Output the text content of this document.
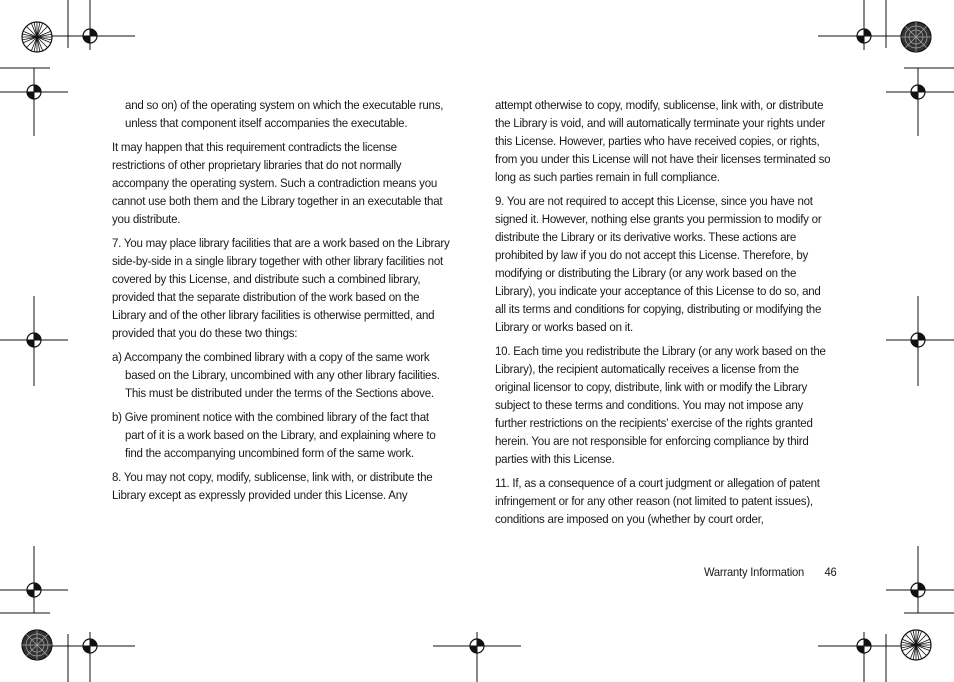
and so on) of the operating system on which the executable runs, unless that component itself accompanies the executable.

It may happen that this requirement contradicts the license restrictions of other proprietary libraries that do not normally accompany the operating system. Such a contradiction means you cannot use both them and the Library together in an executable that you distribute.

7. You may place library facilities that are a work based on the Library side-by-side in a single library together with other library facilities not covered by this License, and distribute such a combined library, provided that the separate distribution of the work based on the Library and of the other library facilities is otherwise permitted, and provided that you do these two things:

a) Accompany the combined library with a copy of the same work based on the Library, uncombined with any other library facilities. This must be distributed under the terms of the Sections above.

b) Give prominent notice with the combined library of the fact that part of it is a work based on the Library, and explaining where to find the accompanying uncombined form of the same work.

8. You may not copy, modify, sublicense, link with, or distribute the Library except as expressly provided under this License. Any

attempt otherwise to copy, modify, sublicense, link with, or distribute the Library is void, and will automatically terminate your rights under this License. However, parties who have received copies, or rights, from you under this License will not have their licenses terminated so long as such parties remain in full compliance.

9. You are not required to accept this License, since you have not signed it. However, nothing else grants you permission to modify or distribute the Library or its derivative works. These actions are prohibited by law if you do not accept this License. Therefore, by modifying or distributing the Library (or any work based on the Library), you indicate your acceptance of this License to do so, and all its terms and conditions for copying, distributing or modifying the Library or works based on it.

10. Each time you redistribute the Library (or any work based on the Library), the recipient automatically receives a license from the original licensor to copy, distribute, link with or modify the Library subject to these terms and conditions. You may not impose any further restrictions on the recipients’ exercise of the rights granted herein. You are not responsible for enforcing compliance by third parties with this License.

11. If, as a consequence of a court judgment or allegation of patent infringement or for any other reason (not limited to patent issues), conditions are imposed on you (whether by court order,

Warranty Information 46
